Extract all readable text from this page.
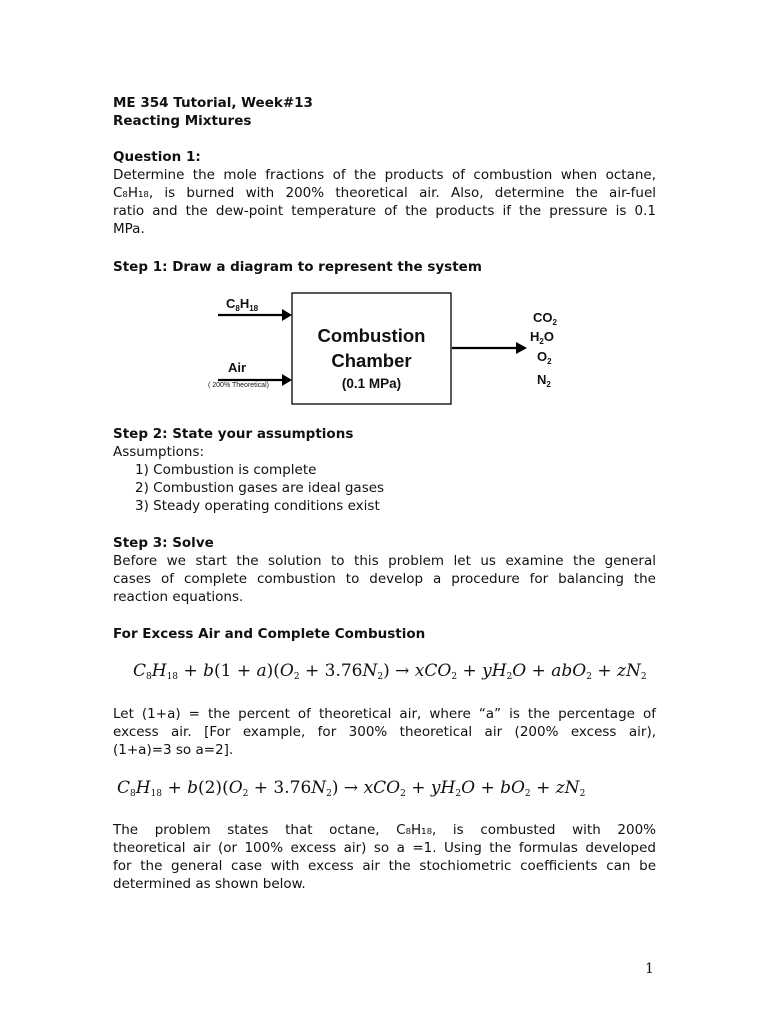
ME 354 Tutorial, Week#13
Reacting Mixtures
Question 1:
Determine the mole fractions of the products of combustion when octane,
C₈H₁₈, is burned with 200% theoretical air. Also, determine the air-fuel
ratio and the dew-point temperature of the products if the pressure is 0.1
MPa.
Step 1: Draw a diagram to represent the system
$C_8H_{18}$
Air
( 200% Theoretical)
Combustion
Chamber
(0.1 MPa)
$CO_2$
$H_2O$
$O_2$
$N_2$
Step 2: State your assumptions
Assumptions:
1) Combustion is complete
2) Combustion gases are ideal gases
3) Steady operating conditions exist
Step 3: Solve
Before we start the solution to this problem let us examine the general
cases of complete combustion to develop a procedure for balancing the
reaction equations.
For Excess Air and Complete Combustion
$C_8H_{18} + b(1 + a)(O_2 + 3.76N_2) \to xCO_2 + yH_2O + abO_2 + zN_2$
Let (1+a) = the percent of theoretical air, where “a” is the percentage of
excess air. [For example, for 300% theoretical air (200% excess air),
(1+a)=3 so a=2].
$C_8H_{18} + b(2)(O_2 + 3.76N_2) \to xCO_2 + yH_2O + bO_2 + zN_2$
The problem states that octane, C₈H₁₈, is combusted with 200%
theoretical air (or 100% excess air) so a =1. Using the formulas developed
for the general case with excess air the stochiometric coefficients can be
determined as shown below.
1
